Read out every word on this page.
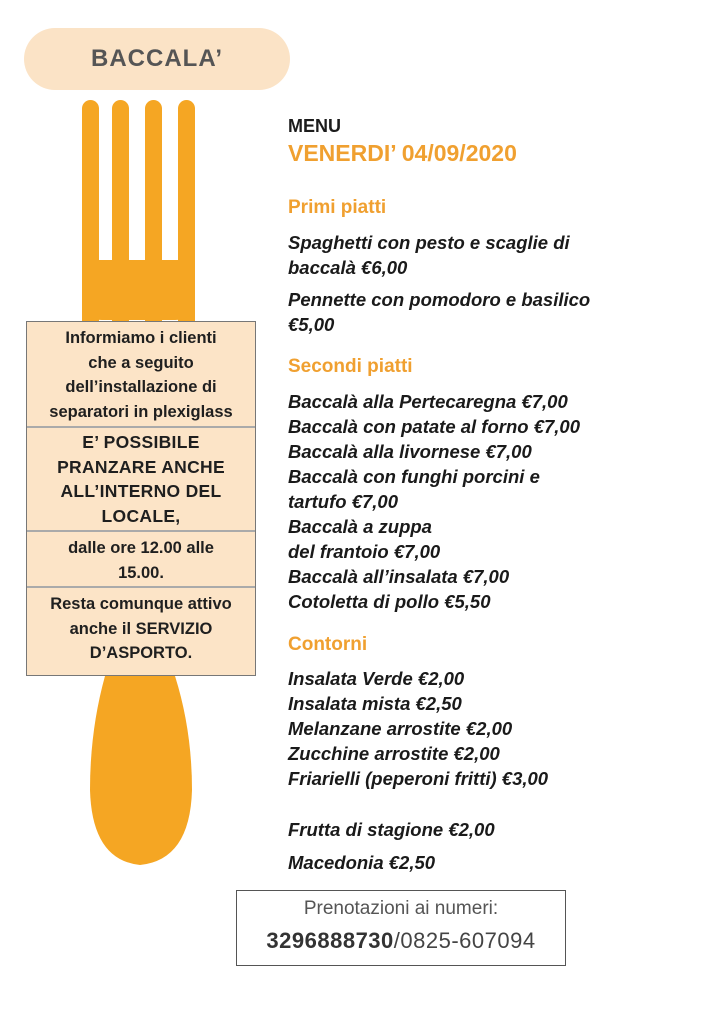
BACCALA’
Informiamo i clienti
che a seguito
dell’installazione di
separatori in plexiglass
E’ POSSIBILE
PRANZARE ANCHE
ALL’INTERNO DEL
LOCALE,
dalle ore 12.00 alle
15.00.
Resta comunque attivo
anche il SERVIZIO
D’ASPORTO.
MENU
VENERDI’ 04/09/2020
Primi piatti
Spaghetti con pesto e scaglie di
baccalà €6,00
Pennette con pomodoro e basilico
€5,00
Secondi piatti
Baccalà alla Pertecaregna €7,00
Baccalà con patate al forno €7,00
Baccalà alla livornese €7,00
Baccalà con funghi porcini e
tartufo €7,00
Baccalà a zuppa
del frantoio €7,00
Baccalà all’insalata €7,00
Cotoletta di pollo €5,50
Contorni
Insalata Verde €2,00
Insalata mista €2,50
Melanzane arrostite €2,00
Zucchine arrostite €2,00
Friarielli (peperoni fritti) €3,00
Frutta di stagione €2,00
Macedonia €2,50
Prenotazioni ai numeri:
3296888730/0825-607094
